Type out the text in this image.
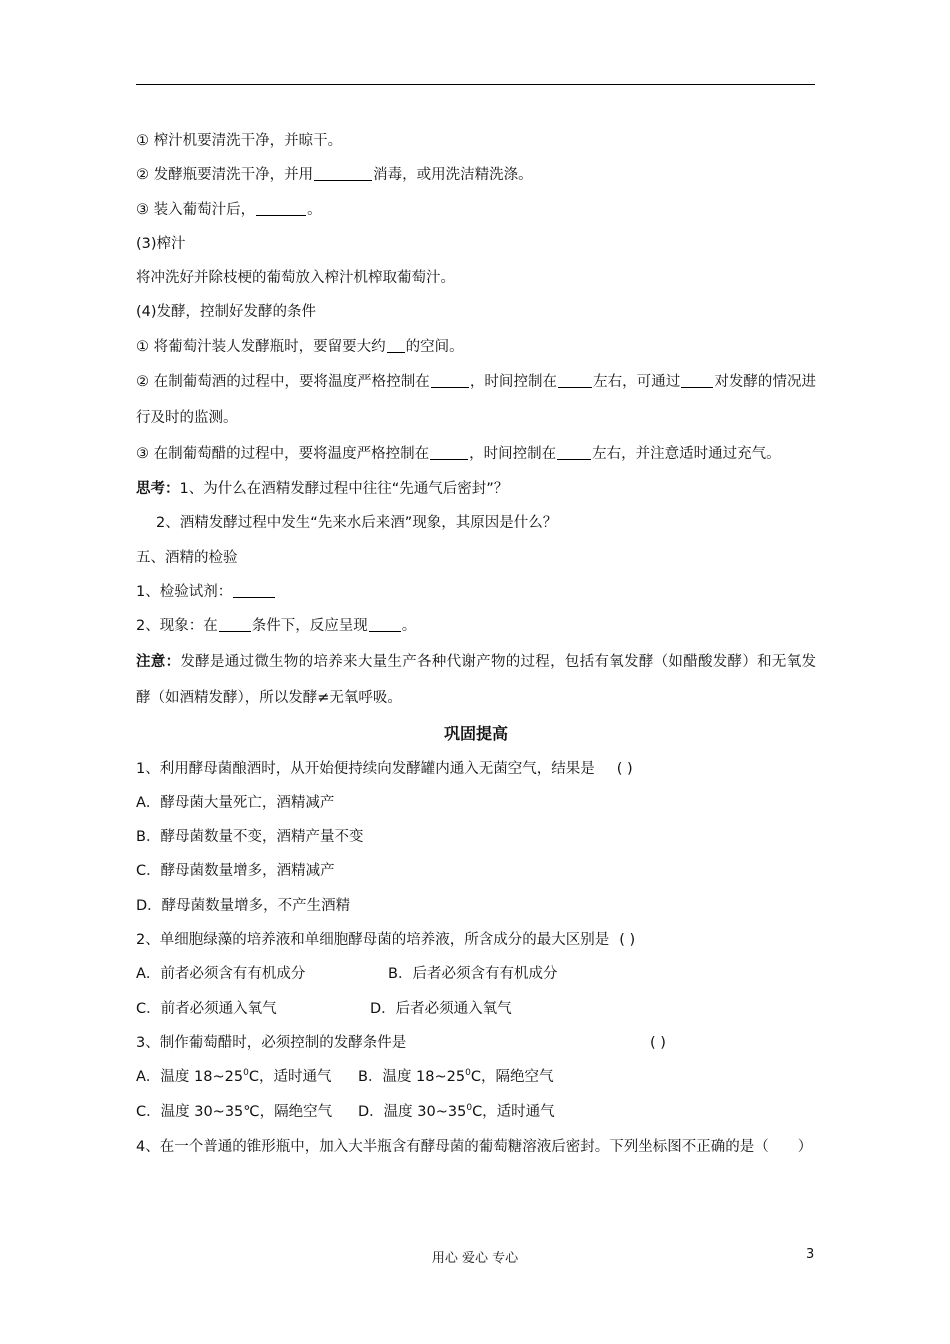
① 榨汁机要清洗干净，并晾干。
② 发酵瓶要清洗干净，并用	消毒，或用洗洁精洗涤。
③ 装入葡萄汁后，	。
(3)榨汁
将冲洗好并除枝梗的葡萄放入榨汁机榨取葡萄汁。
(4)发酵，控制好发酵的条件
① 将葡萄汁装人发酵瓶时，要留要大约 的空间。
② 在制葡萄酒的过程中，要将温度严格控制在	，时间控制在 左右，可通过 对发酵的情况进行及时的监测。
③ 在制葡萄醋的过程中，要将温度严格控制在	，时间控制在 左右，并注意适时通过充气。
思考：1、为什么在酒精发酵过程中往往“先通气后密封”？
2、酒精发酵过程中发生“先来水后来酒”现象，其原因是什么？
五、酒精的检验
1、检验试剂：
2、现象：在 条件下，反应呈现 。
注意：发酵是通过微生物的培养来大量生产各种代谢产物的过程，包括有氧发酵（如醋酸发酵）和无氧发酵（如酒精发酵），所以发酵≠无氧呼吸。
巩固提高
1、利用酵母菌酿酒时，从开始便持续向发酵罐内通入无菌空气，结果是 ( )
A．酵母菌大量死亡，酒精减产
B．酵母菌数量不变，酒精产量不变
C．酵母菌数量增多，酒精减产
D．酵母菌数量增多，不产生酒精
2、单细胞绿藻的培养液和单细胞酵母菌的培养液，所含成分的最大区别是 ( )
A．前者必须含有有机成分	B．后者必须含有有机成分
C．前者必须通入氧气	D．后者必须通入氧气
3、制作葡萄醋时，必须控制的发酵条件是	( )
A．温度 $18\sim 25^0C$，适时通气 B．温度 $18\sim 25^0C$，隔绝空气
C．温度 30~35℃，隔绝空气 D．温度 $30\sim 35^0C$，适时通气
4、在一个普通的锥形瓶中，加入大半瓶含有酵母菌的葡萄糖溶液后密封。下列坐标图不正确的是（　　）
用心 爱心 专心	3
